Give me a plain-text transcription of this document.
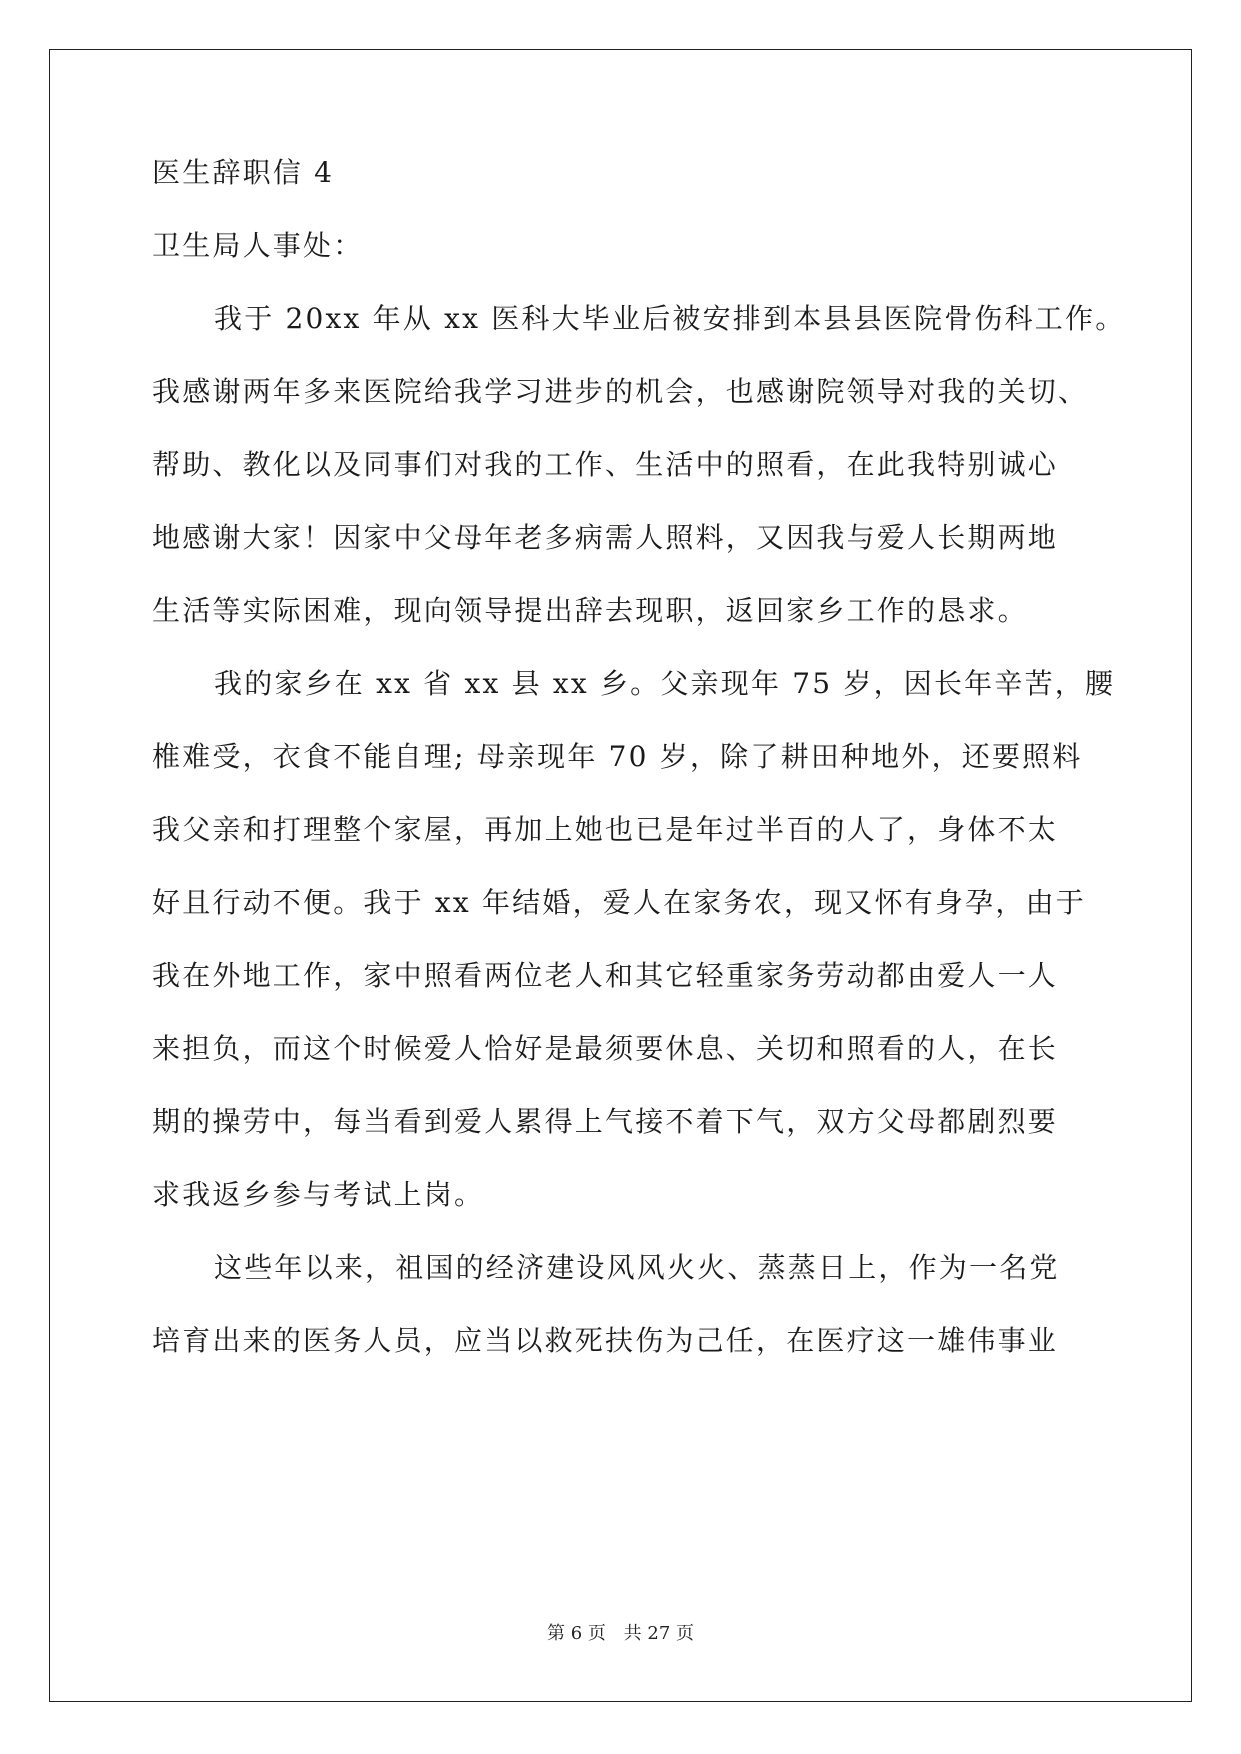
医生辞职信 4
卫生局人事处：
我于 20xx 年从 xx 医科大毕业后被安排到本县县医院骨伤科工作。
我感谢两年多来医院给我学习进步的机会，也感谢院领导对我的关切、
帮助、教化以及同事们对我的工作、生活中的照看，在此我特别诚心
地感谢大家！因家中父母年老多病需人照料，又因我与爱人长期两地
生活等实际困难，现向领导提出辞去现职，返回家乡工作的恳求。
我的家乡在 xx 省 xx 县 xx 乡。父亲现年 75 岁，因长年辛苦，腰
椎难受，衣食不能自理; 母亲现年 70 岁，除了耕田种地外，还要照料
我父亲和打理整个家屋，再加上她也已是年过半百的人了，身体不太
好且行动不便。我于 xx 年结婚，爱人在家务农，现又怀有身孕，由于
我在外地工作，家中照看两位老人和其它轻重家务劳动都由爱人一人
来担负，而这个时候爱人恰好是最须要休息、关切和照看的人，在长
期的操劳中，每当看到爱人累得上气接不着下气，双方父母都剧烈要
求我返乡参与考试上岗。
这些年以来，祖国的经济建设风风火火、蒸蒸日上，作为一名党
培育出来的医务人员，应当以救死扶伤为己任，在医疗这一雄伟事业
第 6 页 共 27 页
